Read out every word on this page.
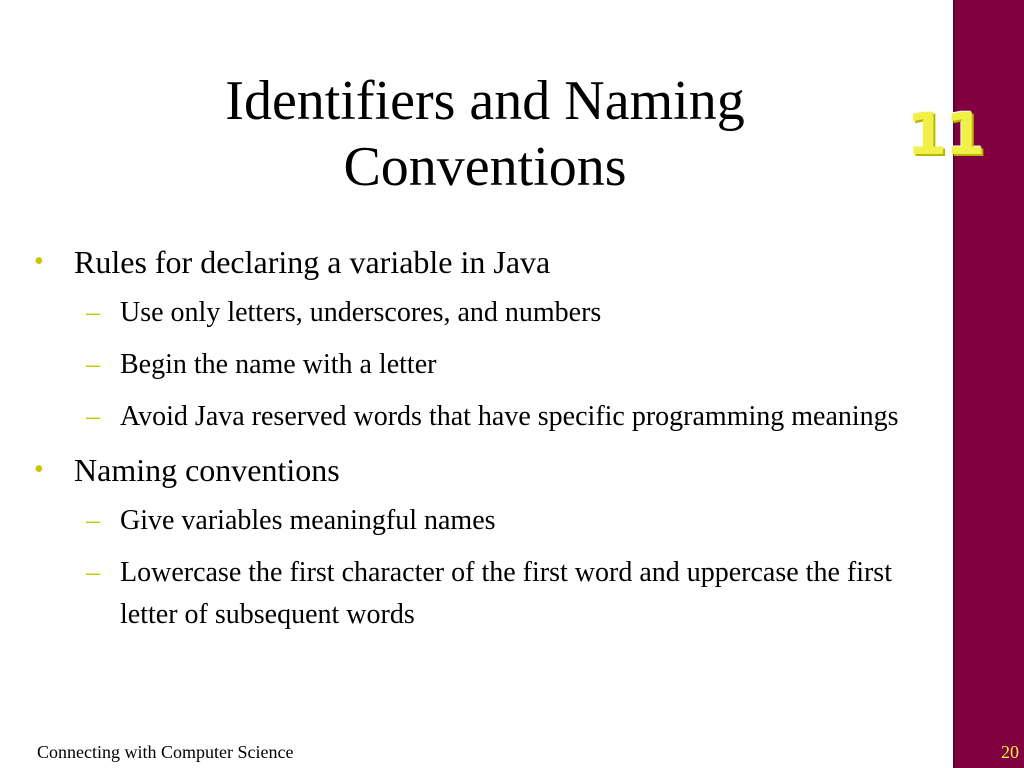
11
Identifiers and Naming
Conventions
• Rules for declaring a variable in Java
– Use only letters, underscores, and numbers
– Begin the name with a letter
– Avoid Java reserved words that have specific programming meanings
• Naming conventions
– Give variables meaningful names
– Lowercase the first character of the first word and uppercase the first letter of subsequent words
Connecting with Computer Science	20
